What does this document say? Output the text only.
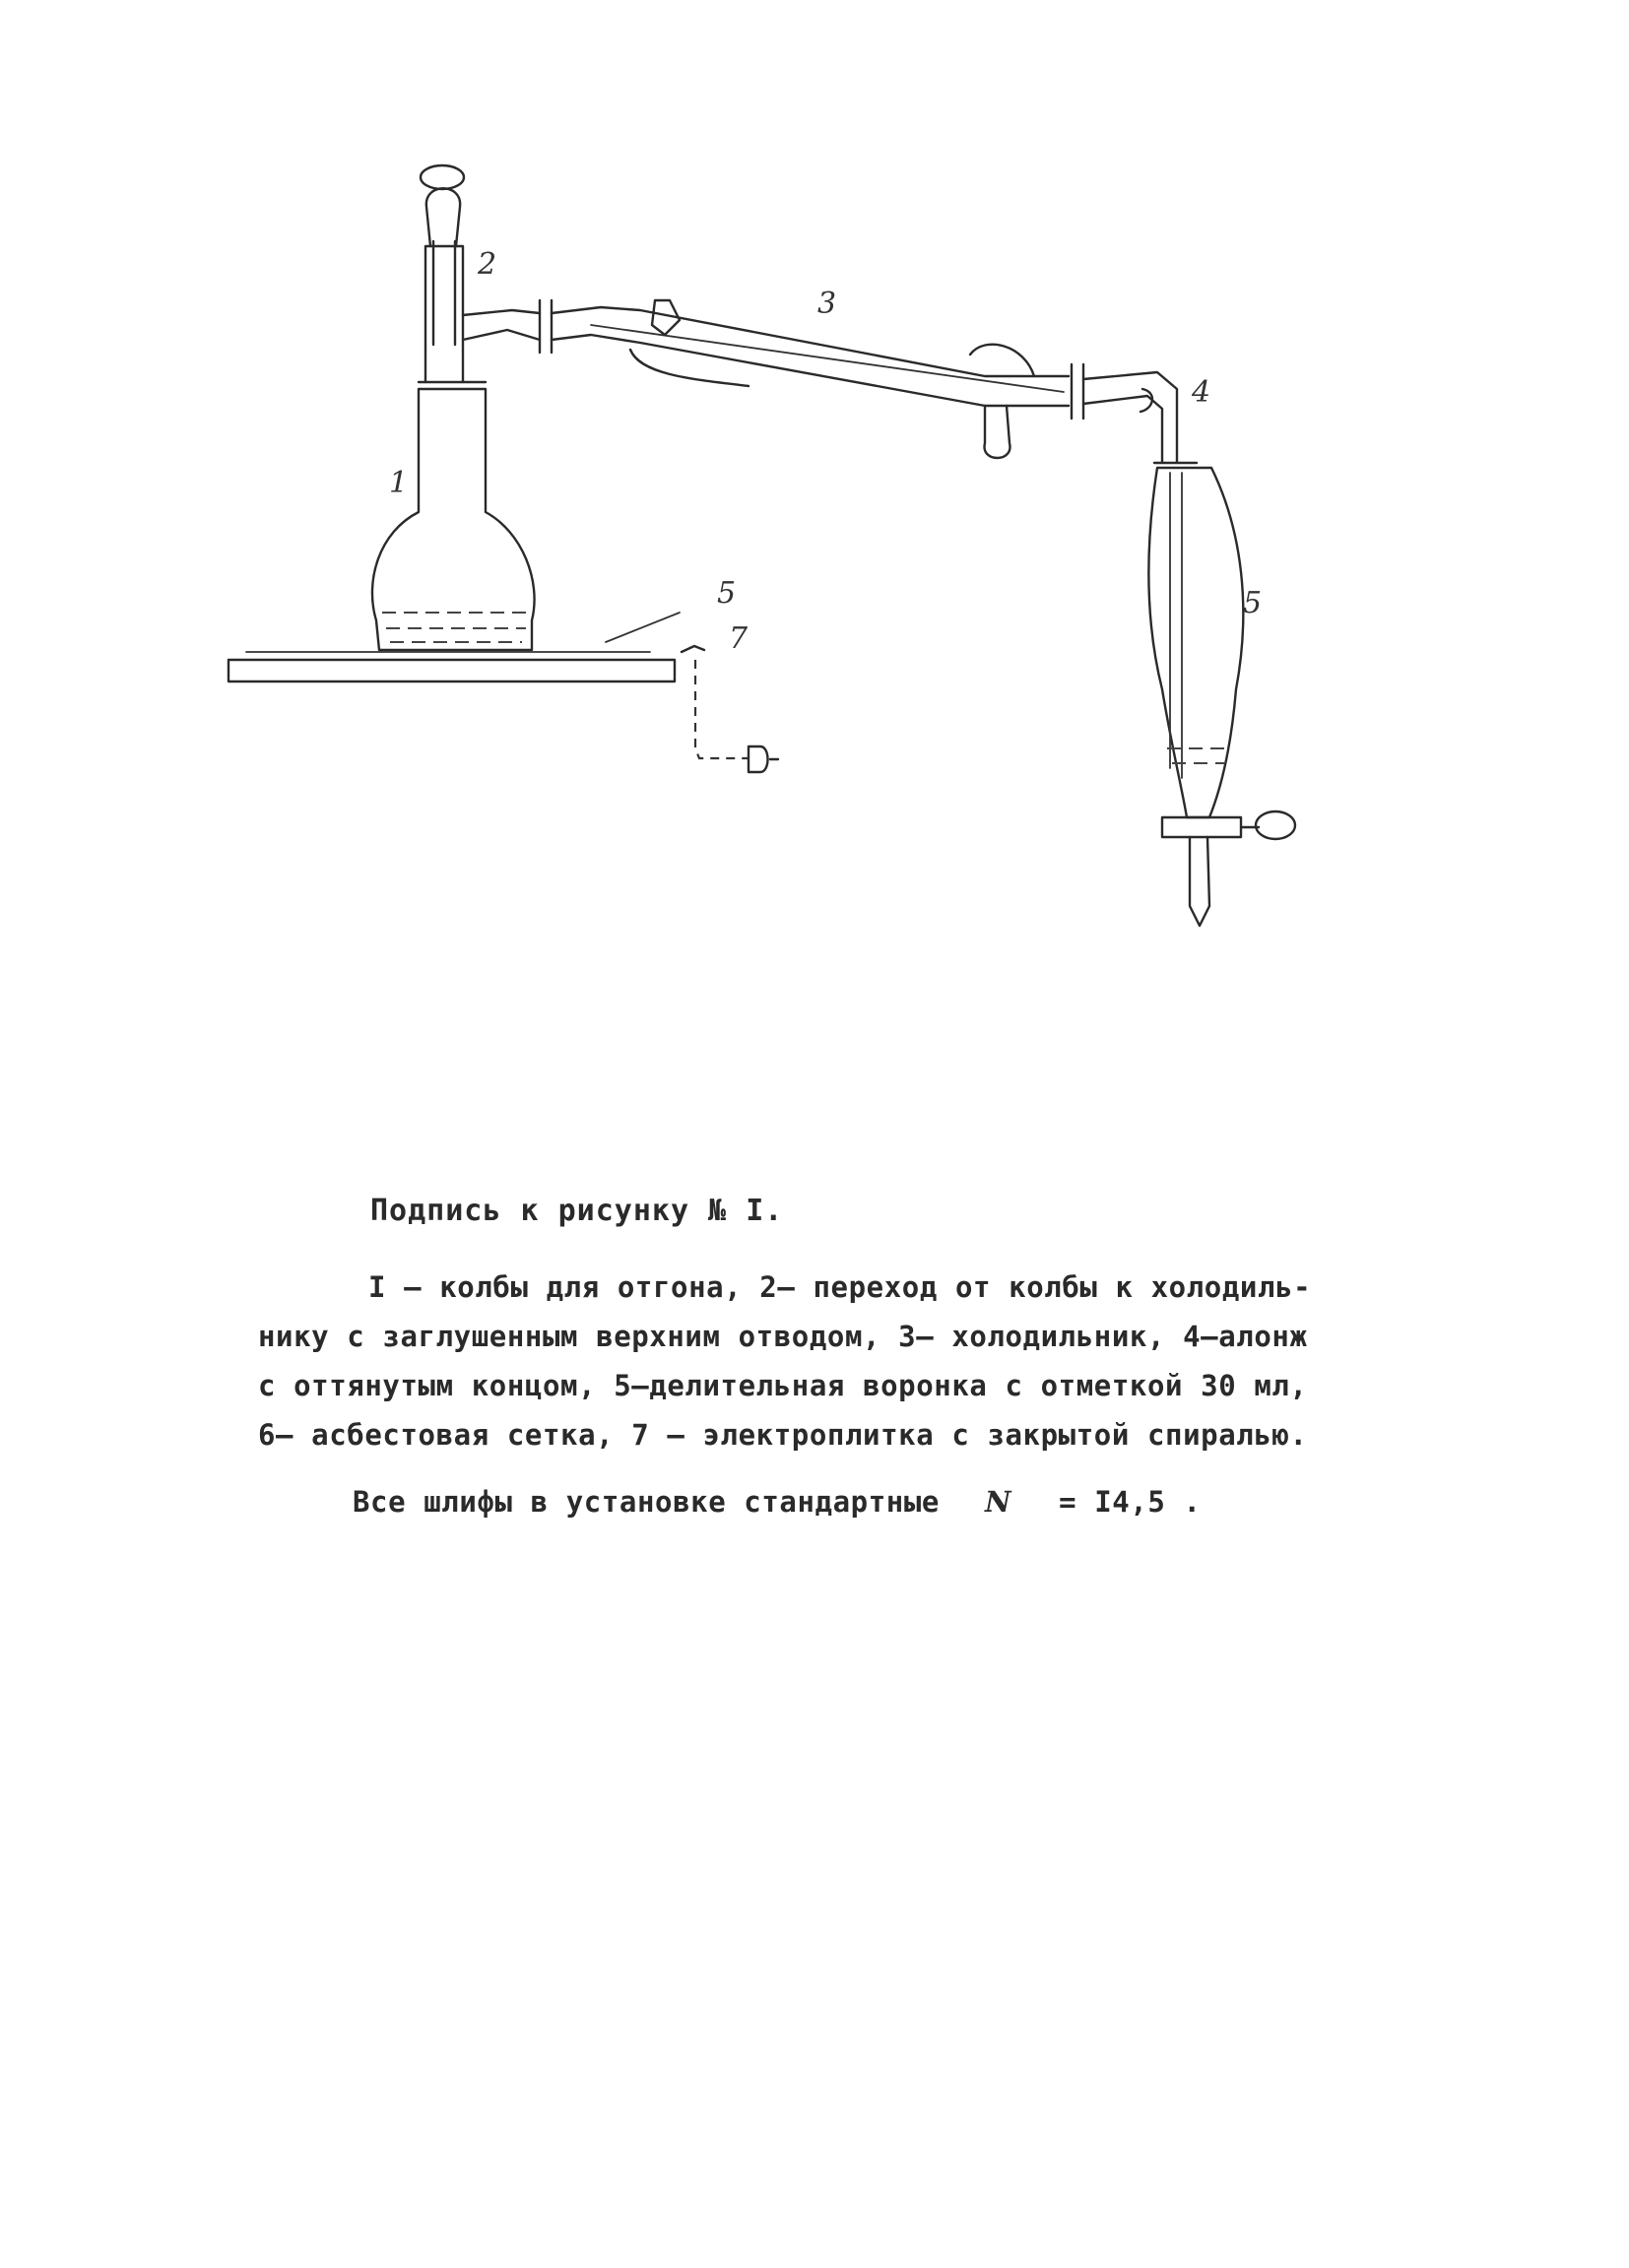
1
2
3
4
5
5
7
Подпись к рисунку № I.
I – колбы для отгона, 2– переход от колбы к холодиль-
нику с заглушенным верхним отводом, 3– холодильник, 4–алонж
с оттянутым концом, 5–делительная воронка с отметкой 30 мл,
6– асбестовая сетка, 7 – электроплитка с закрытой спиралью.
Все шлифы в установке стандартные N = I4,5 .
